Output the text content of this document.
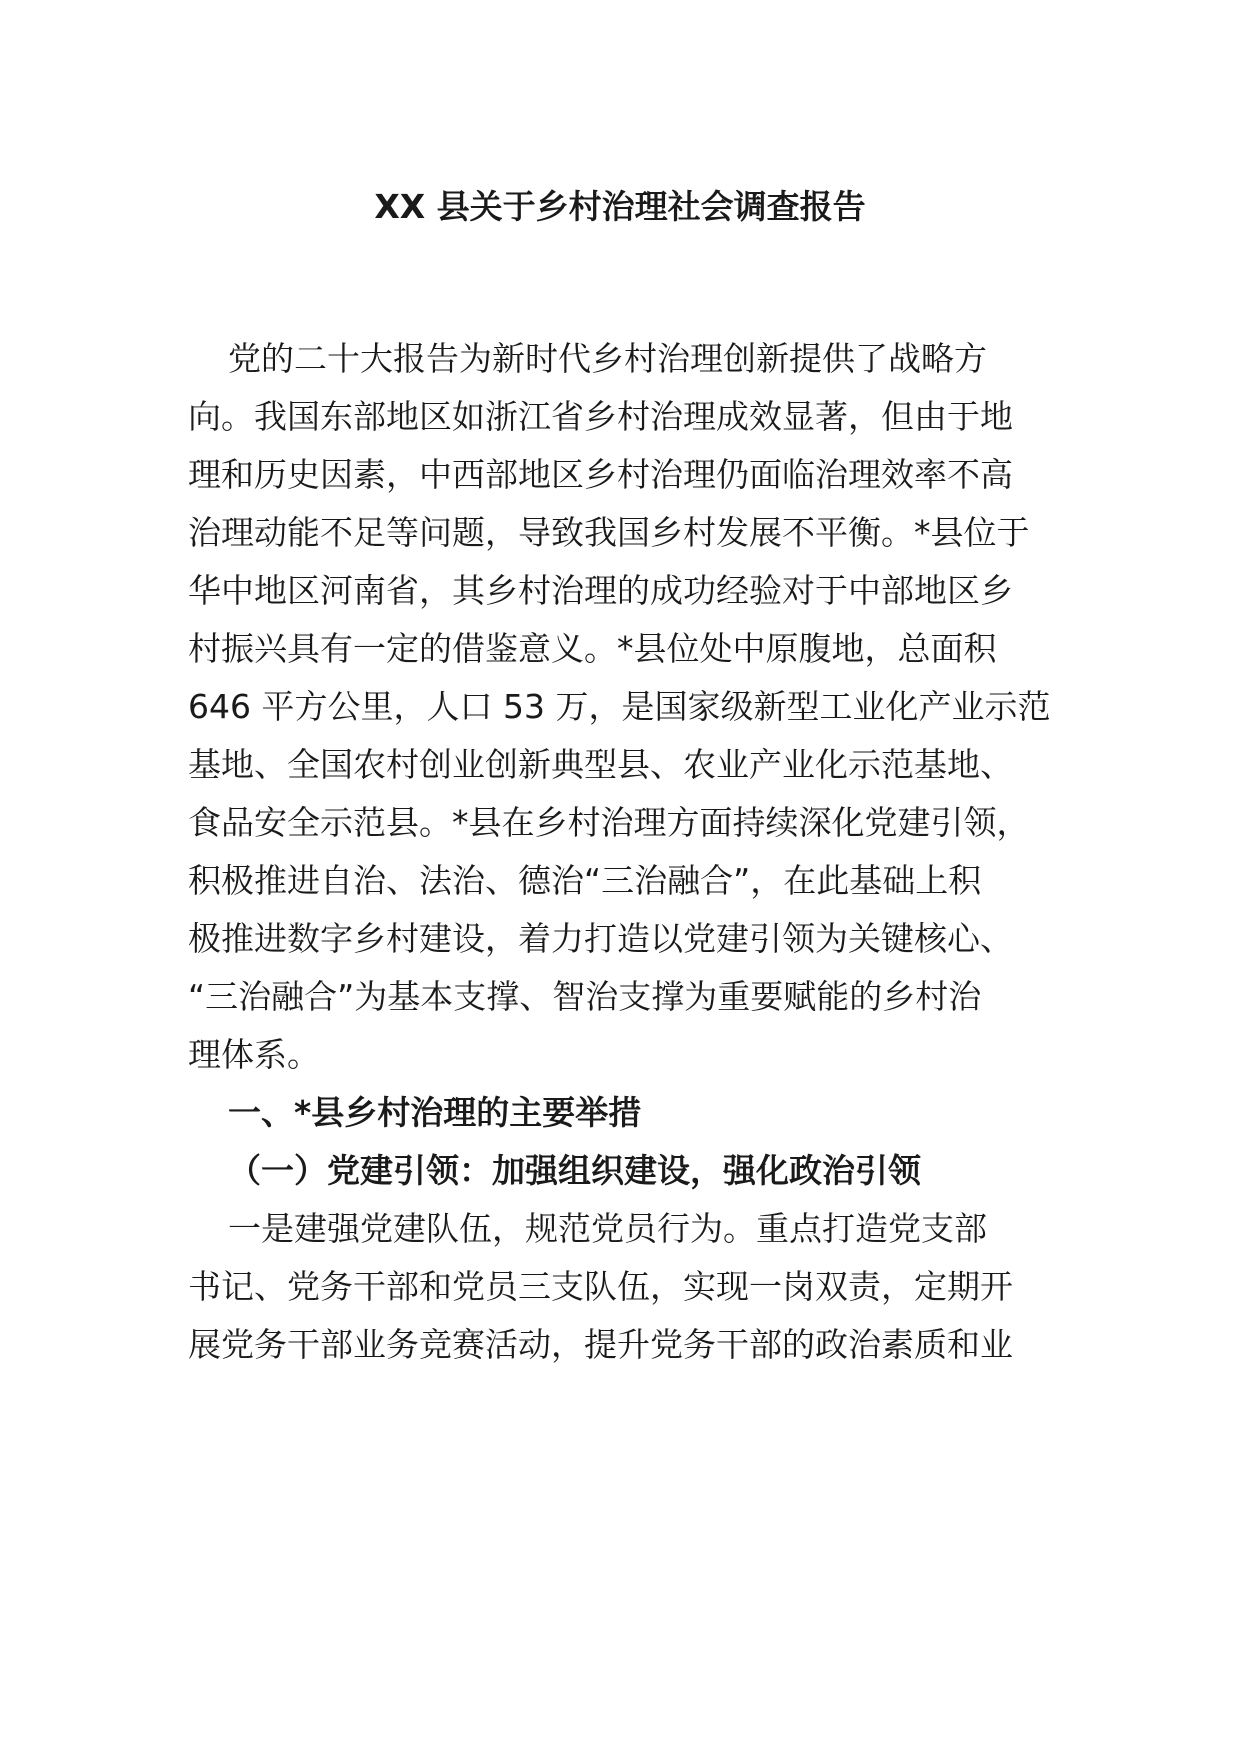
XX 县关于乡村治理社会调查报告

党的二十大报告为新时代乡村治理创新提供了战略方

向。我国东部地区如浙江省乡村治理成效显著，但由于地

理和历史因素，中西部地区乡村治理仍面临治理效率不高

治理动能不足等问题，导致我国乡村发展不平衡。*县位于

华中地区河南省，其乡村治理的成功经验对于中部地区乡

村振兴具有一定的借鉴意义。*县位处中原腹地，总面积

646 平方公里，人口 53 万，是国家级新型工业化产业示范

基地、全国农村创业创新典型县、农业产业化示范基地、

食品安全示范县。*县在乡村治理方面持续深化党建引领，

积极推进自治、法治、德治“三治融合”，在此基础上积

极推进数字乡村建设，着力打造以党建引领为关键核心、

“三治融合”为基本支撑、智治支撑为重要赋能的乡村治

理体系。

一、*县乡村治理的主要举措

（一）党建引领：加强组织建设，强化政治引领

一是建强党建队伍，规范党员行为。重点打造党支部

书记、党务干部和党员三支队伍，实现一岗双责，定期开

展党务干部业务竞赛活动，提升党务干部的政治素质和业
